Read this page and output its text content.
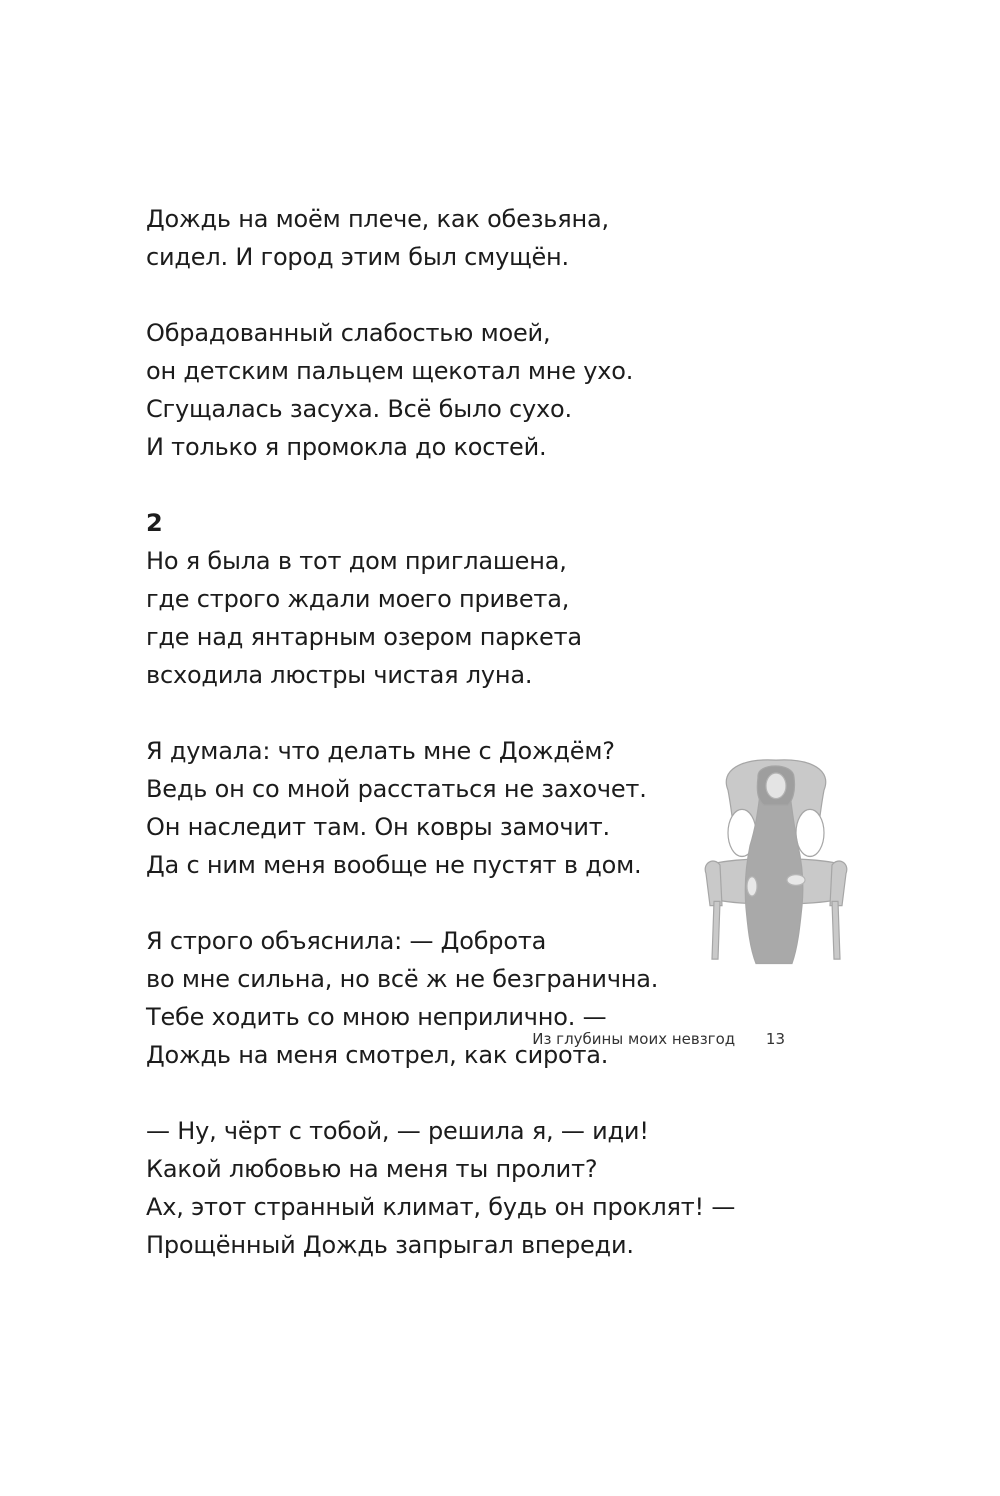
Дождь на моём плече, как обезьяна,
сидел. И город этим был смущён.
Обрадованный слабостью моей,
он детским пальцем щекотал мне ухо.
Сгущалась засуха. Всё было сухо.
И только я промокла до костей.
2
Но я была в тот дом приглашена,
где строго ждали моего привета,
где над янтарным озером паркета
всходила люстры чистая луна.
Я думала: что делать мне с Дождём?
Ведь он со мной расстаться не захочет.
Он наследит там. Он ковры замочит.
Да с ним меня вообще не пустят в дом.
Я строго объяснила: — Доброта
во мне сильна, но всё ж не безгранична.
Тебе ходить со мною неприлично. —
Дождь на меня смотрел, как сирота.
— Ну, чёрт с тобой, — решила я, — иди!
Какой любовью на меня ты пролит?
Ах, этот странный климат, будь он проклят! —
Прощённый Дождь запрыгал впереди.
Из глубины моих невзгод 13
